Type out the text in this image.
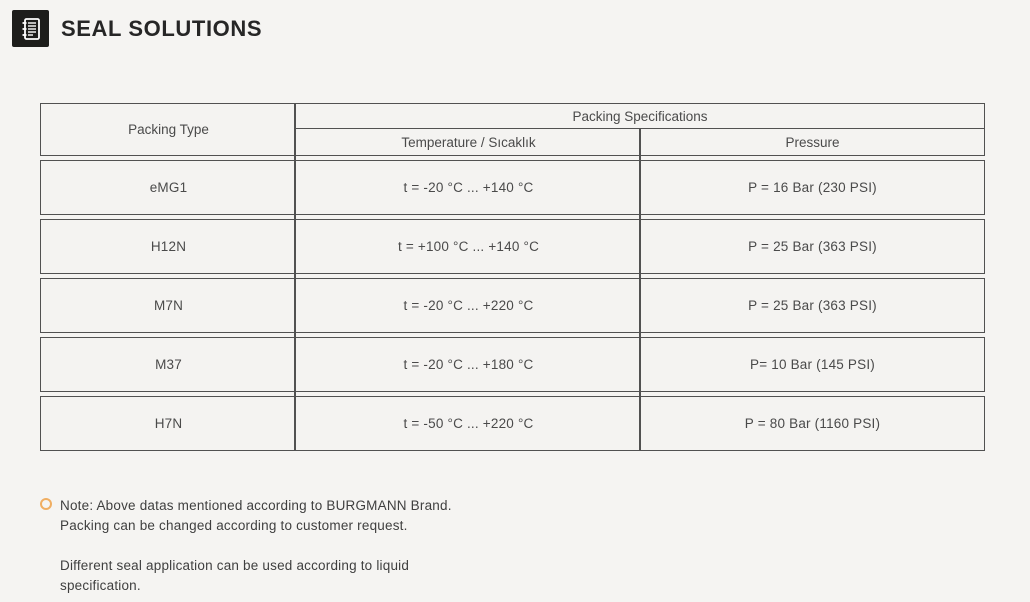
SEAL SOLUTIONS
Packing Type
Packing Specifications
Temperature / Sıcaklık	Pressure
eMG1	t = -20 °C ... +140 °C	P = 16 Bar (230 PSI)
H12N	t = +100 °C ... +140 °C	P = 25 Bar (363 PSI)
M7N	t = -20 °C ... +220 °C	P = 25 Bar (363 PSI)
M37	t = -20 °C ... +180 °C	P= 10 Bar (145 PSI)
H7N	t = -50 °C ... +220 °C	P = 80 Bar (1160 PSI)
Note: Above datas mentioned according to BURGMANN Brand.
Packing can be changed according to customer request.
Different seal application can be used according to liquid
specification.
